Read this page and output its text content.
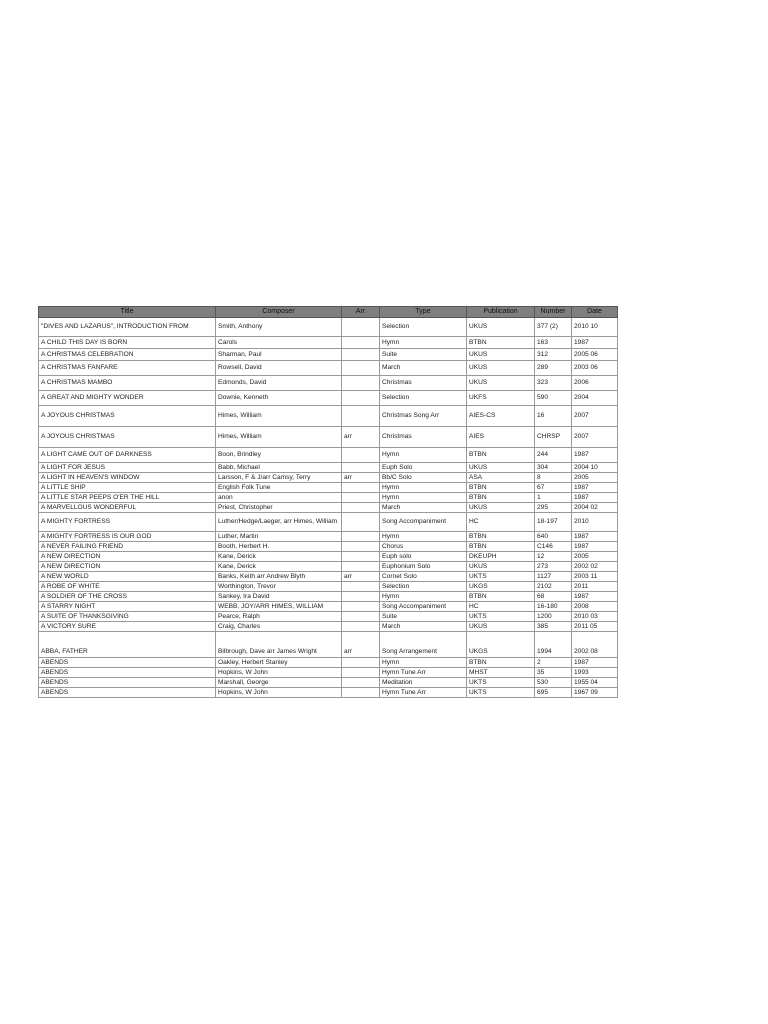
Title	Composer	Arr	Type	Publication	Number	Date
"DIVES AND LAZARUS", INTRODUCTION FROM	Smith, Anthony		Selection	UKUS	377 (2)	2010 10
A CHILD THIS DAY IS BORN	Carols		Hymn	BTBN	163	1987
A CHRISTMAS CELEBRATION	Sharman, Paul		Suite	UKUS	312	2005 06
A CHRISTMAS FANFARE	Rowsell, David		March	UKUS	289	2003 06
A CHRISTMAS MAMBO	Edmonds, David		Christmas	UKUS	323	2006
A GREAT AND MIGHTY WONDER	Downie, Kenneth		Selection	UKFS	590	2004
A JOYOUS CHRISTMAS	Himes, William		Christmas Song Arr	AIES-CS	16	2007
A JOYOUS CHRISTMAS	Himes, William	arr	Christmas	AIES	CHRSP	2007
A LIGHT CAME OUT OF DARKNESS	Boon, Brindley		Hymn	BTBN	244	1987
A LIGHT FOR JESUS	Babb, Michael		Euph Solo	UKUS	304	2004 10
A LIGHT IN HEAVEN'S WINDOW	Larsson, F & J/arr Camsy, Terry	arr	Bb/C Solo	ASA	8	2005
A LITTLE SHIP	English Folk Tune		Hymn	BTBN	67	1987
A LITTLE STAR PEEPS O'ER THE HILL	anon		Hymn	BTBN	1	1987
A MARVELLOUS WONDERFUL	Priest, Christopher		March	UKUS	295	2004 02
A MIGHTY FORTRESS	Luther/Hedge/Laeger, arr Himes, William		Song Accompaniment	HC	18-197	2010
A MIGHTY FORTRESS IS OUR GOD	Luther, Martin		Hymn	BTBN	640	1987
A NEVER FAILING FRIEND	Booth, Herbert H.		Chorus	BTBN	C146	1987
A NEW DIRECTION	Kane, Derick		Euph solo	DKEUPH	12	2005
A NEW DIRECTION	Kane, Derick		Euphonium Solo	UKUS	273	2002 02
A NEW WORLD	Banks, Keith arr Andrew Blyth	arr	Cornet Solo	UKTS	1127	2003 11
A ROBE OF WHITE	Worthington, Trevor		Selection	UKGS	2102	2011
A SOLDIER OF THE CROSS	Sankey, Ira David		Hymn	BTBN	68	1987
A STARRY NIGHT	WEBB, JOY/ARR HIMES, WILLIAM		Song Accompaniment	HC	16-180	2008
A SUITE OF THANKSGIVING	Pearce, Ralph		Suite	UKTS	1200	2010 03
A VICTORY SURE	Craig, Charles		March	UKUS	385	2011 05
ABBA, FATHER	Bilbrough, Dave arr James Wright	arr	Song Arrangement	UKGS	1994	2002 08
ABENDS	Oakley, Herbert Stanley		Hymn	BTBN	2	1987
ABENDS	Hopkins, W John		Hymn Tune Arr	MHST	35	1993
ABENDS	Marshall, George		Meditation	UKTS	530	1955 04
ABENDS	Hopkins, W John		Hymn Tune Arr	UKTS	695	1967 09
